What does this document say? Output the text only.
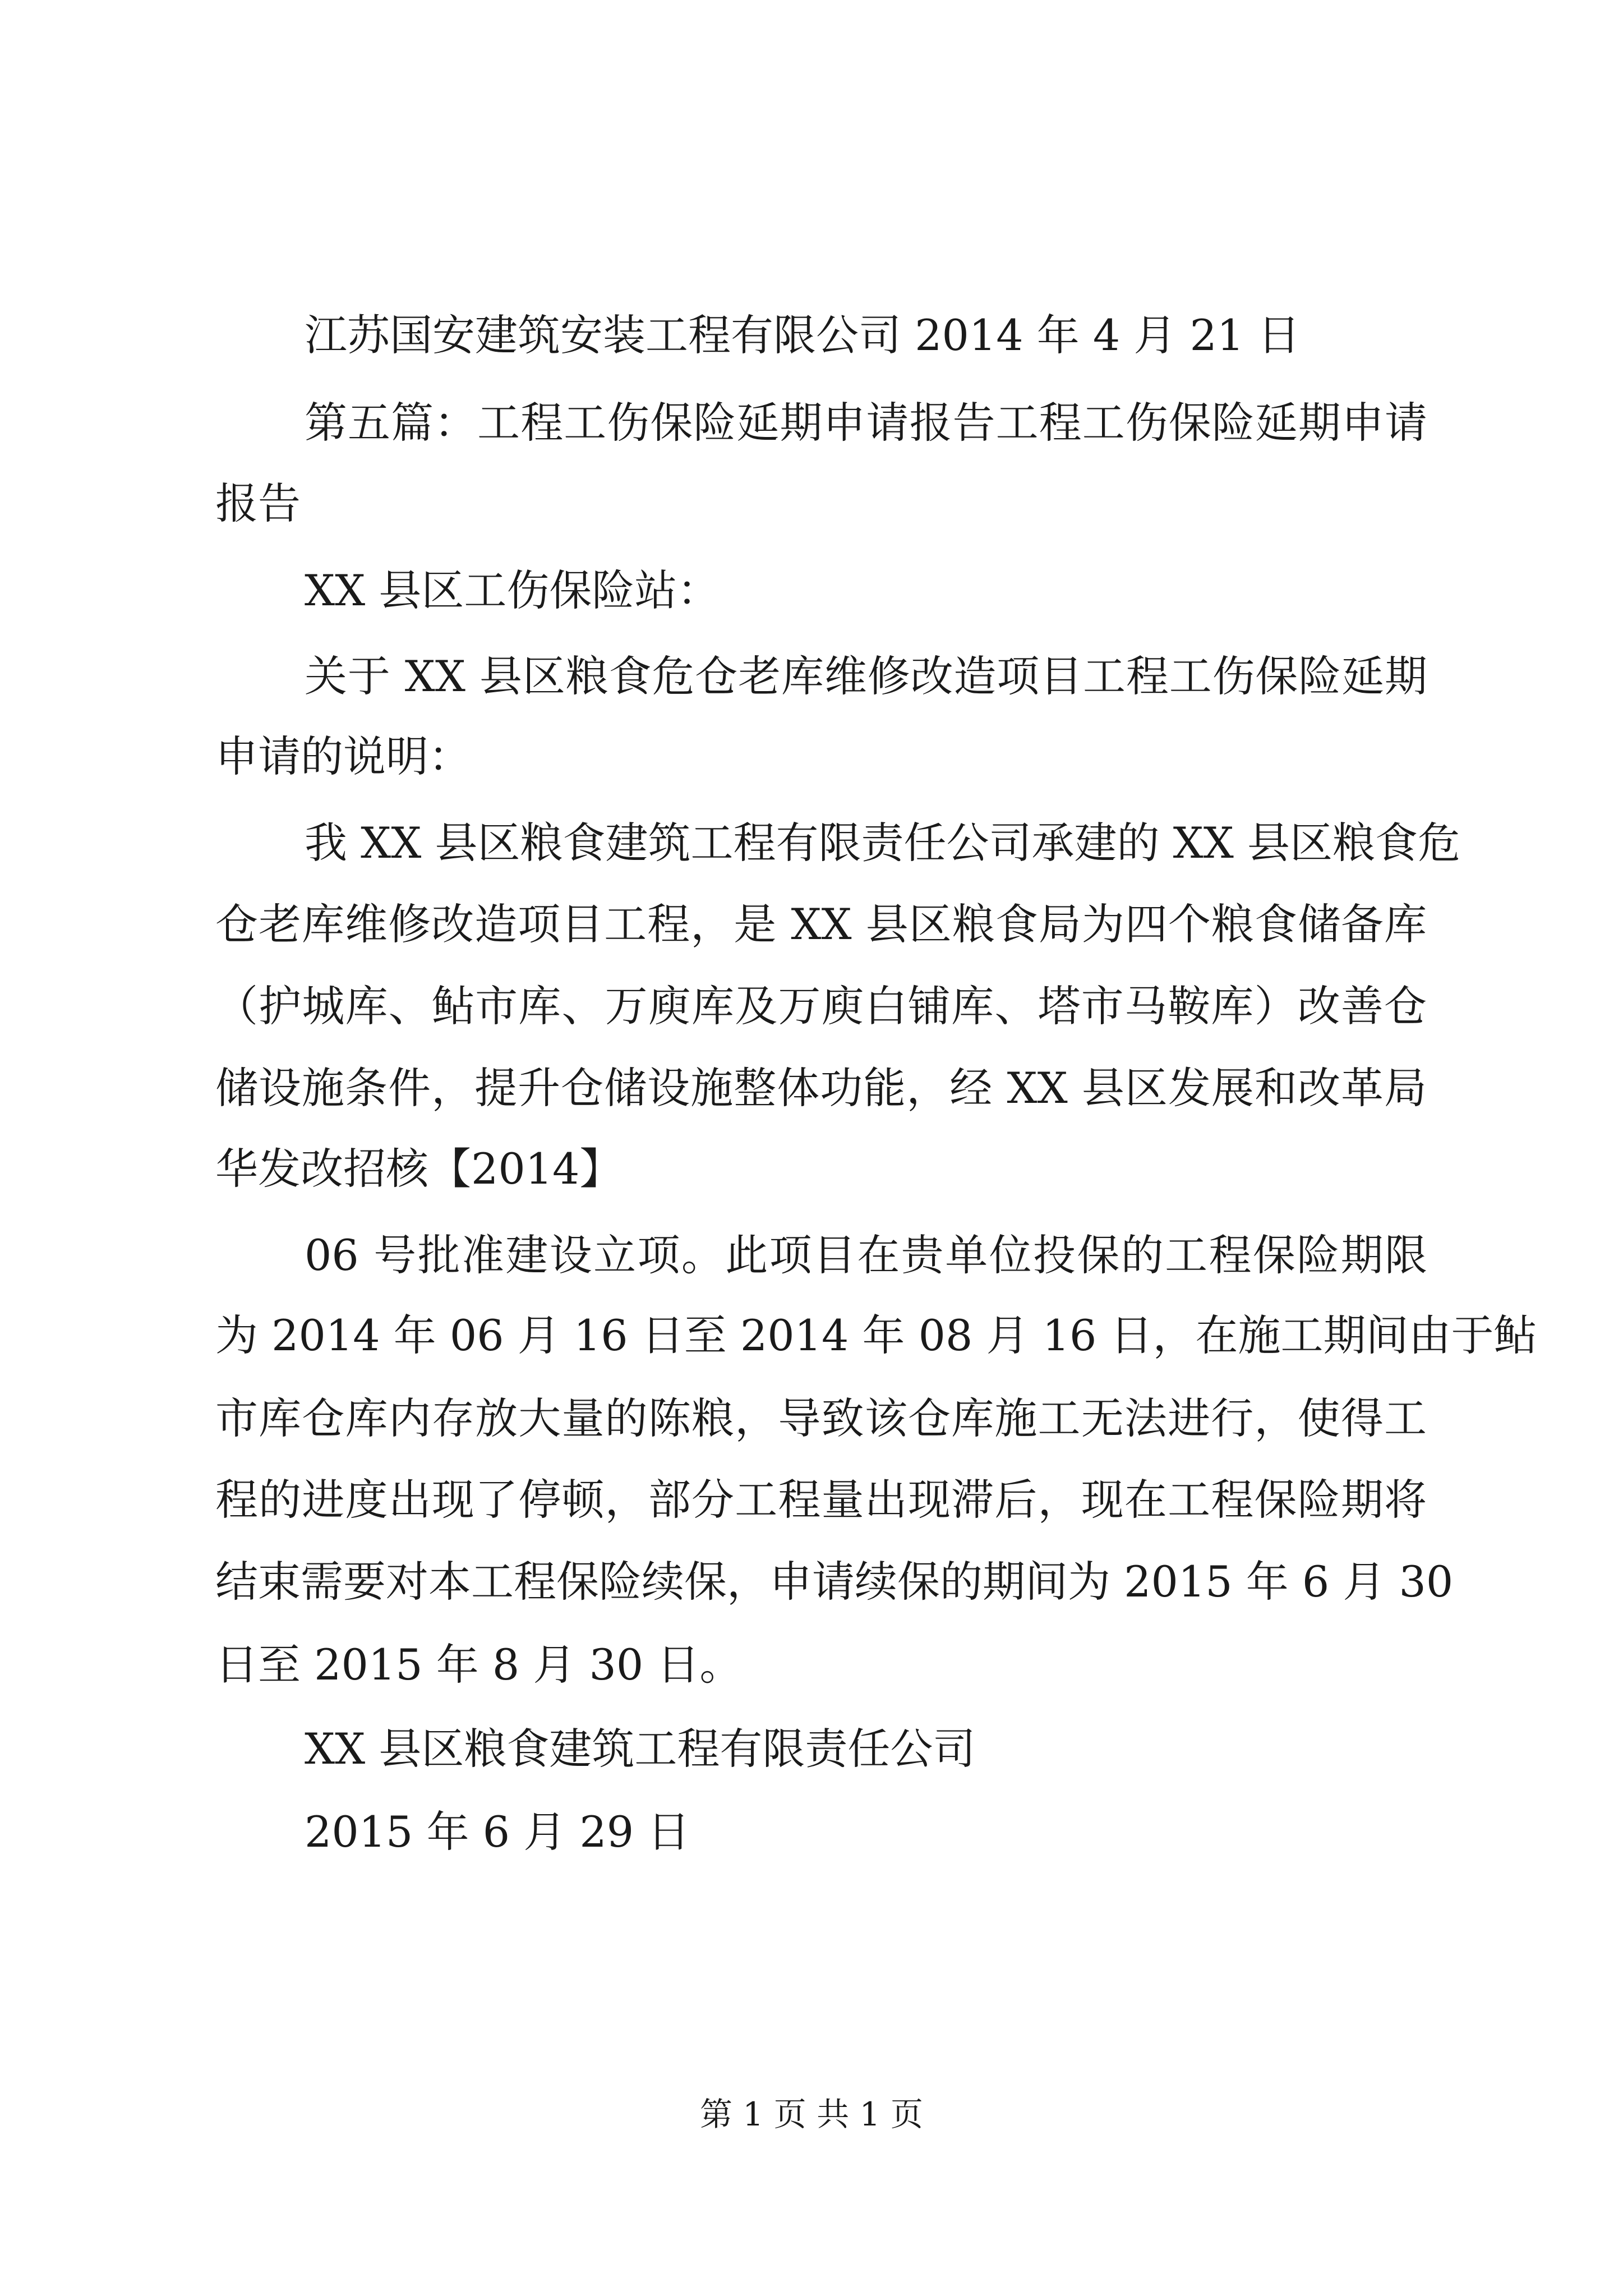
江苏国安建筑安装工程有限公司 2014 年 4 月 21 日
第五篇：工程工伤保险延期申请报告工程工伤保险延期申请
报告
XX 县区工伤保险站：
关于 XX 县区粮食危仓老库维修改造项目工程工伤保险延期
申请的说明：
我 XX 县区粮食建筑工程有限责任公司承建的 XX 县区粮食危
仓老库维修改造项目工程，是 XX 县区粮食局为四个粮食储备库
（护城库、鲇市库、万庾库及万庾白铺库、塔市马鞍库）改善仓
储设施条件，提升仓储设施整体功能，经 XX 县区发展和改革局
华发改招核【2014】
06 号批准建设立项。此项目在贵单位投保的工程保险期限
为 2014 年 06 月 16 日至 2014 年 08 月 16 日，在施工期间由于鲇
市库仓库内存放大量的陈粮，导致该仓库施工无法进行，使得工
程的进度出现了停顿，部分工程量出现滞后，现在工程保险期将
结束需要对本工程保险续保，申请续保的期间为 2015 年 6 月 30
日至 2015 年 8 月 30 日。
XX 县区粮食建筑工程有限责任公司
2015 年 6 月 29 日
第 1 页 共 1 页
